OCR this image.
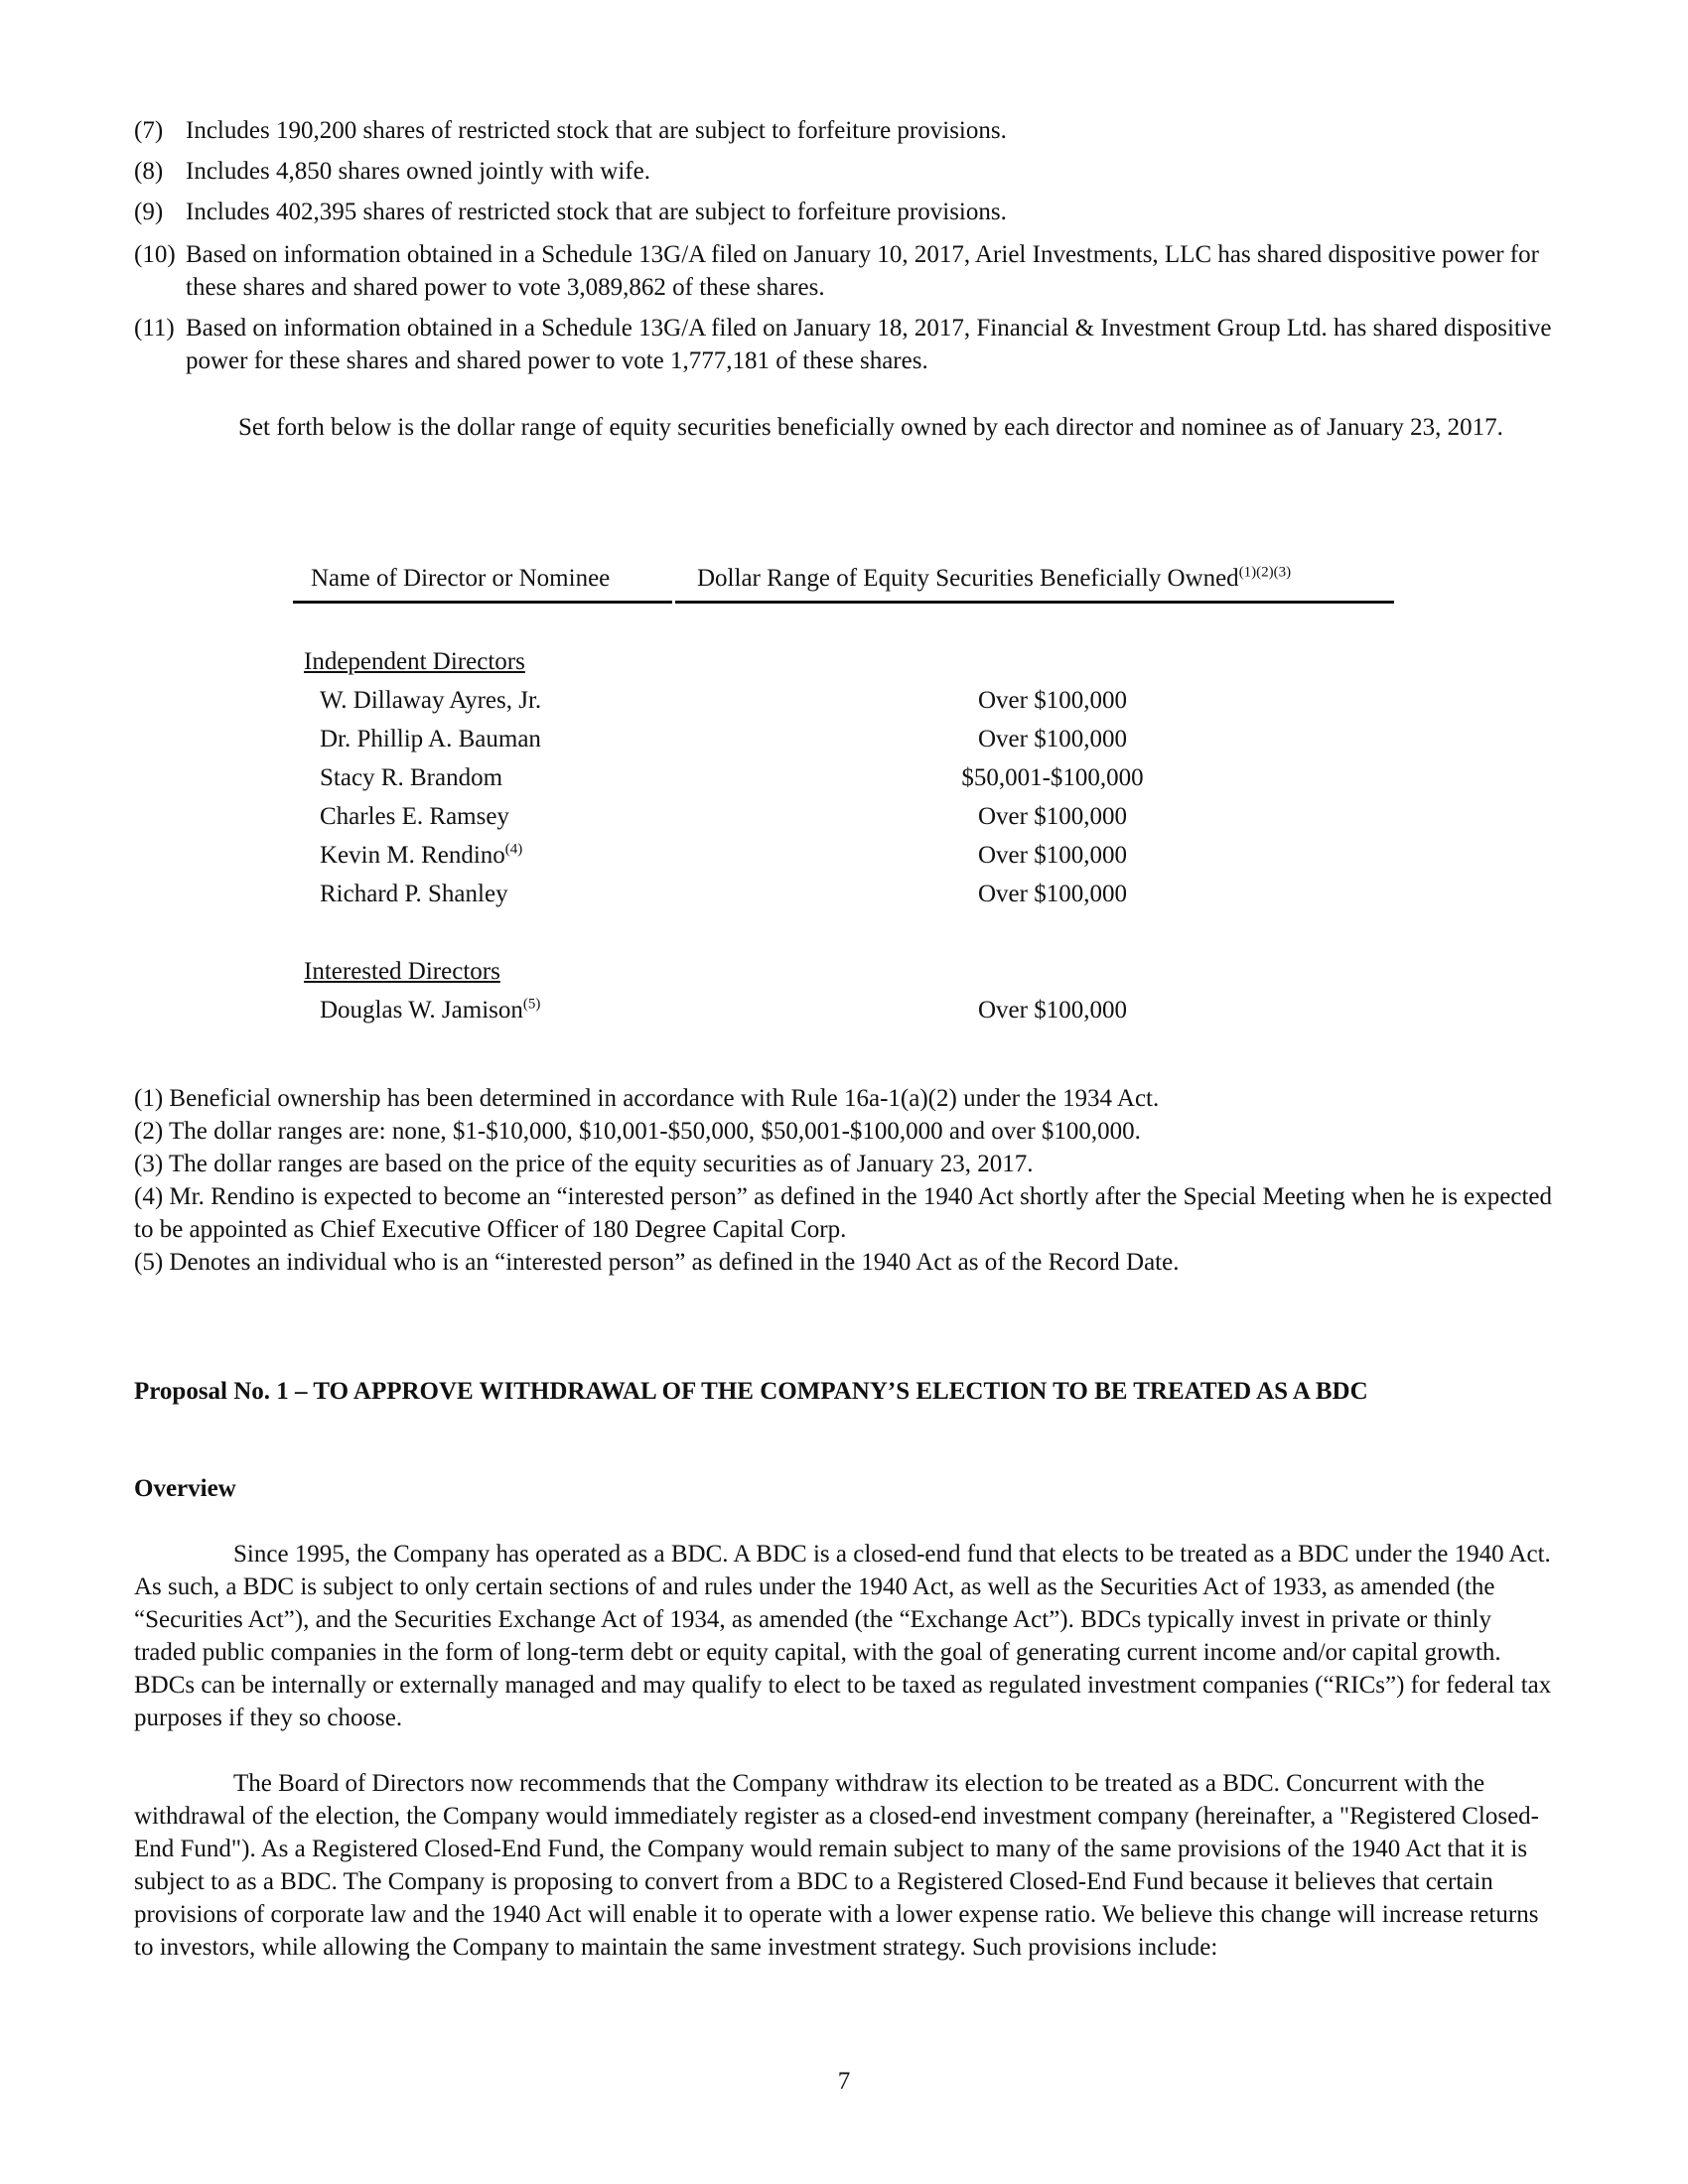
(7) Includes 190,200 shares of restricted stock that are subject to forfeiture provisions.
(8) Includes 4,850 shares owned jointly with wife.
(9) Includes 402,395 shares of restricted stock that are subject to forfeiture provisions.
(10) Based on information obtained in a Schedule 13G/A filed on January 10, 2017, Ariel Investments, LLC has shared dispositive power for these shares and shared power to vote 3,089,862 of these shares.
(11) Based on information obtained in a Schedule 13G/A filed on January 18, 2017, Financial & Investment Group Ltd. has shared dispositive power for these shares and shared power to vote 1,777,181 of these shares.
Set forth below is the dollar range of equity securities beneficially owned by each director and nominee as of January 23, 2017.
Name of Director or Nominee	Dollar Range of Equity Securities Beneficially Owned$^{(1)(2)(3)}$
Independent Directors
W. Dillaway Ayres, Jr.	Over $100,000
Dr. Phillip A. Bauman	Over $100,000
Stacy R. Brandom	$50,001-$100,000
Charles E. Ramsey	Over $100,000
Kevin M. Rendino$^{(4)}$	Over $100,000
Richard P. Shanley	Over $100,000
Interested Directors
Douglas W. Jamison$^{(5)}$	Over $100,000
(1) Beneficial ownership has been determined in accordance with Rule 16a-1(a)(2) under the 1934 Act.
(2) The dollar ranges are: none, $1-$10,000, $10,001-$50,000, $50,001-$100,000 and over $100,000.
(3) The dollar ranges are based on the price of the equity securities as of January 23, 2017.
(4) Mr. Rendino is expected to become an “interested person” as defined in the 1940 Act shortly after the Special Meeting when he is expected to be appointed as Chief Executive Officer of 180 Degree Capital Corp.
(5) Denotes an individual who is an “interested person” as defined in the 1940 Act as of the Record Date.
Proposal No. 1 – TO APPROVE WITHDRAWAL OF THE COMPANY’S ELECTION TO BE TREATED AS A BDC
Overview
Since 1995, the Company has operated as a BDC. A BDC is a closed-end fund that elects to be treated as a BDC under the 1940 Act. As such, a BDC is subject to only certain sections of and rules under the 1940 Act, as well as the Securities Act of 1933, as amended (the “Securities Act”), and the Securities Exchange Act of 1934, as amended (the “Exchange Act”). BDCs typically invest in private or thinly traded public companies in the form of long-term debt or equity capital, with the goal of generating current income and/or capital growth. BDCs can be internally or externally managed and may qualify to elect to be taxed as regulated investment companies (“RICs”) for federal tax purposes if they so choose.
The Board of Directors now recommends that the Company withdraw its election to be treated as a BDC. Concurrent with the withdrawal of the election, the Company would immediately register as a closed-end investment company (hereinafter, a "Registered Closed-End Fund"). As a Registered Closed-End Fund, the Company would remain subject to many of the same provisions of the 1940 Act that it is subject to as a BDC. The Company is proposing to convert from a BDC to a Registered Closed-End Fund because it believes that certain provisions of corporate law and the 1940 Act will enable it to operate with a lower expense ratio. We believe this change will increase returns to investors, while allowing the Company to maintain the same investment strategy. Such provisions include:
7
